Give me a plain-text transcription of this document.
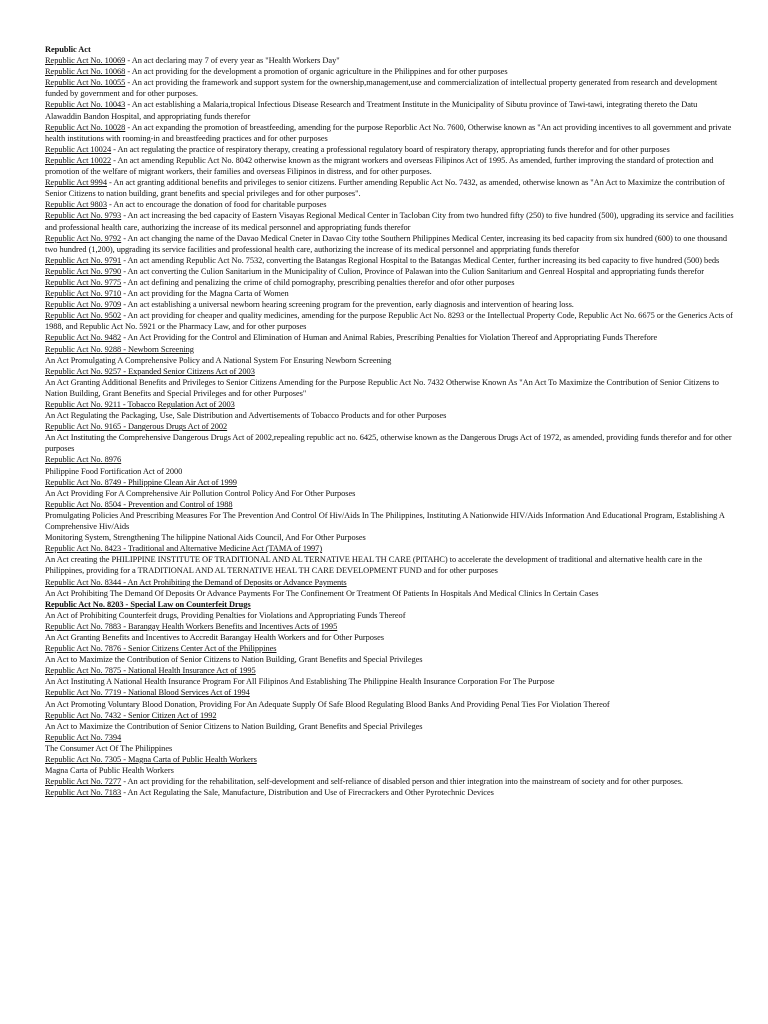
Republic Act
Republic Act No. 10069 - An act declaring may 7 of every year as "Health Workers Day"
Republic Act No. 10068 - An act providing for the development a promotion of organic agriculture in the Philippines and for other purposes
Republic Act No. 10055 - An act providing the framework and support system for the ownership,management,use and commercialization of intellectual property generated from research and development funded by government and for other purposes.
Republic Act No. 10043 - An act establishing a Malaria,tropical Infectious Disease Research and Treatment Institute in the Municipality of Sibutu province of Tawi-tawi, integrating thereto the Datu Alawaddin Bandon Hospital, and appropriating funds therefor
Republic Act No. 10028 - An act expanding the promotion of breastfeeding, amending for the purpose Reporblic Act No. 7600, Otherwise known as "An act providing incentives to all government and private health institutions with rooming-in and breastfeeding practices and for other purposes
Republic Act 10024 - An act regulating the practice of respiratory therapy, creating a professional regulatory board of respiratory therapy, appropriating funds therefor and for other purposes
Republic Act 10022 - An act amending Republic Act No. 8042 otherwise known as the migrant workers and overseas Filipinos Act of 1995. As amended, further improving the standard of protection and promotion of the welfare of migrant workers, their families and overseas Filipinos in distress, and for other purposes.
Republic Act 9994 - An act granting additional benefits and privileges to senior citizens. Further amending Republic Act No. 7432, as amended, otherwise known as "An Act to Maximize the contribution of Senior Citizens to nation building, grant benefits and special privileges and for other purposes".
Republic Act 9803 - An act to encourage the donation of food for charitable purposes
Republic Act No. 9793 - An act increasing the bed capacity of Eastern Visayas Regional Medical Center in Tacloban City from two hundred fifty (250) to five hundred (500), upgrading its service and facilities and professional health care, authorizing the increase of its medical personnel and appropriating funds therefor
Republic Act No. 9792 - An act changing the name of the Davao Medical Cneter in Davao City tothe Southern Philippines Medical Center, increasing its bed capacity from six hundred (600) to one thousand two hundred (1,200), upgrading its service facilities and professional health care, authorizing the increase of its medical personnel and apprpriating funds therefor
Republic Act No. 9791 - An act amending Republic Act No. 7532, converting the Batangas Regional Hospital to the Batangas Medical Center, further increasing its bed capacity to five hundred (500) beds
Republic Act No. 9790 - An act converting the Culion Sanitarium in the Municipality of Culion, Province of Palawan into the Culion Sanitarium and Genreal Hospital and appropriating funds therefor
Republic Act No. 9775 - An act defining and penalizing the crime of child pornography, prescribing penalties therefor and ofor other purposes
Republic Act No. 9710 - An act providing for the Magna Carta of Women
Republic Act No. 9709 - An act establishing a universal newborn hearing screening program for the prevention, early diagnosis and intervention of hearing loss.
Republic Act No. 9502 - An act providing for cheaper and quality medicines, amending for the purpose Republic Act No. 8293 or the Intellectual Property Code, Republic Act No. 6675 or the Generics Acts of 1988, and Republic Act No. 5921 or the Pharmacy Law, and for other purposes
Republic Act No. 9482 - An Act Providing for the Control and Elimination of Human and Animal Rabies, Prescribing Penalties for Violation Thereof and Appropriating Funds Therefore
Republic Act No. 9288 - Newborn Screening
An Act Promulgating A Comprehensive Policy and A National System For Ensuring Newborn Screening
Republic Act No. 9257 - Expanded Senior Citizens Act of 2003
An Act Granting Additional Benefits and Privileges to Senior Citizens Amending for the Purpose Republic Act No. 7432 Otherwise Known As "An Act To Maximize the Contribution of Senior Citizens to Nation Building, Grant Benefits and Special Privileges and for other Purposes"
Republic Act No. 9211 - Tobacco Regulation Act of 2003
An Act Regulating the Packaging, Use, Sale Distribution and Advertisements of Tobacco Products and for other Purposes
Republic Act No. 9165 - Dangerous Drugs Act of 2002
An Act Instituting the Comprehensive Dangerous Drugs Act of 2002,repealing republic act no. 6425, otherwise known as the Dangerous Drugs Act of 1972, as amended, providing funds therefor and for other purposes
Republic Act No. 8976
Philippine Food Fortification Act of 2000
Republic Act No. 8749 - Philippine Clean Air Act of 1999
An Act Providing For A Comprehensive Air Pollution Control Policy And For Other Purposes
Republic Act No. 8504 - Prevention and Control of 1988
Promulgating Policies And Prescribing Measures For The Prevention And Control Of Hiv/Aids In The Philippines, Instituting A Nationwide HIV/Aids Information And Educational Program, Establishing A Comprehensive Hiv/Aids
Monitoring System, Strengthening The hilippine National Aids Council, And For Other Purposes
Republic Act No. 8423 - Traditional and Alternative Medicine Act (TAMA of 1997)
An Act creating the PHILIPPINE INSTITUTE OF TRADITIONAL AND AL TERNATIVE HEAL TH CARE (PITAHC) to accelerate the development of traditional and alternative health care in the Philippines, providing for a TRADITIONAL AND AL TERNATIVE HEAL TH CARE DEVELOPMENT FUND and for other purposes
Republic Act No. 8344 - An Act Prohibiting the Demand of Deposits or Advance Payments
An Act Prohibiting The Demand Of Deposits Or Advance Payments For The Confinement Or Treatment Of Patients In Hospitals And Medical Clinics In Certain Cases
Republic Act No. 8203 - Special Law on Counterfeit Drugs
An Act of Prohibiting Counterfeit drugs, Providing Penalties for Violations and Appropriating Funds Thereof
Republic Act No. 7883 - Barangay Health Workers Benefits and Incentives Acts of 1995
An Act Granting Benefits and Incentives to Accredit Barangay Health Workers and for Other Purposes
Republic Act No. 7876 - Senior Citizens Center Act of the Philippines
An Act to Maximize the Contribution of Senior Citizens to Nation Building, Grant Benefits and Special Privileges
Republic Act No. 7875 - National Health Insurance Act of 1995
An Act Instituting A National Health Insurance Program For All Filipinos And Establishing The Philippine Health Insurance Corporation For The Purpose
Republic Act No. 7719 - National Blood Services Act of 1994
An Act Promoting Voluntary Blood Donation, Providing For An Adequate Supply Of Safe Blood Regulating Blood Banks And Providing Penal Ties For Violation Thereof
Republic Act No. 7432 - Senior Citizen Act of 1992
An Act to Maximize the Contribution of Senior Citizens to Nation Building, Grant Benefits and Special Privileges
Republic Act No. 7394
The Consumer Act Of The Philippines
Republic Act No. 7305 - Magna Carta of Public Health Workers
Magna Carta of Public Health Workers
Republic Act No. 7277 - An act providing for the rehabilitation, self-development and self-reliance of disabled person and thier integration into the mainstream of society and for other purposes.
Republic Act No. 7183 - An Act Regulating the Sale, Manufacture, Distribution and Use of Firecrackers and Other Pyrotechnic Devices
